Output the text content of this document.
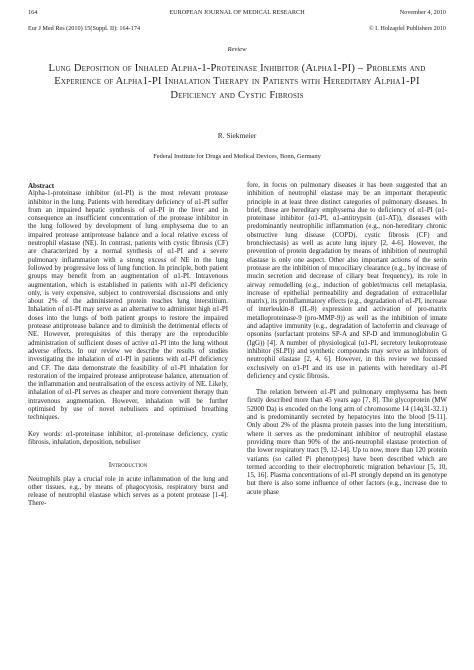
164	EUROPEAN JOURNAL OF MEDICAL RESEARCH	November 4, 2010
Eur J Med Res (2010) 15(Suppl. II): 164-174	© I. Holzapfel Publishers 2010
Review
Lung Deposition of Inhaled Alpha-1-Proteinase Inhibitor (Alpha1-PI) – Problems and Experience of Alpha1-PI Inhalation Therapy in Patients with Hereditary Alpha1-PI Deficiency and Cystic Fibrosis
R. Siekmeier
Federal Institute for Drugs and Medical Devices, Bonn, Germany

Abstract

Alpha-1-proteinase inhibitor (α1-PI) is the most relevant protease inhibitor in the lung. Patients with hereditary deficiency of α1-PI suffer from an impaired hepatic synthesis of α1-PI in the liver and in consequence an insufficient concentration of the protease inhibitor in the lung followed by development of lung emphysema due to an impaired protease antiprotease balance and a local relative excess of neutrophil elastase (NE). In contrast, patients with cystic fibrosis (CF) are characterized by a normal synthesis of α1-PI and a severe pulmonary inflammation with a strong excess of NE in the lung followed by progressive loss of lung function. In principle, both patient groups may benefit from an augmentation of α1-PI. Intravenous augmentation, which is established in patients with α1-PI deficiency only, is very expensive, subject to controversial discussions and only about 2% of the administered protein reaches lung interstitium. Inhalation of α1-PI may serve as an alternative to administer high α1-PI doses into the lungs of both patient groups to restore the impaired protease antiprotease balance and to diminish the detrimental effects of NE. However, prerequisites of this therapy are the reproducible administration of sufficient doses of active α1-PI into the lung without adverse effects. In our review we describe the results of studies investigating the inhalation of α1-PI in patients with α1-PI deficiency and CF. The data demonstrate the feasibility of α1-PI inhalation for restoration of the impaired protease antiprotease balance, attenuation of the inflammation and neutralisation of the excess activity of NE. Likely, inhalation of α1-PI serves as cheaper and more convenient therapy than intravenous augmentation. However, inhalation will be further optimised by use of novel nebulisers and optimised breathing techniques.

Key words: α1-proteinase inhibitor, α1-proteinase deficiency, cystic fibrosis, inhalation, deposition, nebuliser

Introduction

Neutrophils play a crucial role in acute inflammation of the lung and other tissues, e.g., by means of phagocytosis, respiratory burst and release of neutrophil elastase which serves as a potent protease [1-4]. There-

fore, in focus on pulmonary diseases it has been suggested that an inhibition of neutrophil elastase may be an important therapeutic principle in at least three distinct categories of pulmonary diseases. In brief, these are hereditary emphysema due to deficiency of α1-PI (α1-proteinase inhibitor (α1-PI, α1-antitrypsin (α1-AT)), diseases with predominantly neutrophilic inflammation (e.g., non-hereditary chronic obstructive lung disease (COPD), cystic fibrosis (CF) and bronchiectasis) as well as acute lung injury [2, 4-6]. However, the prevention of protein degradation by means of inhibition of neutrophil elastase is only one aspect. Other also important actions of the serin protease are the inhibition of mucociliary clearance (e.g., by increase of mucin secretion and decrease of ciliary beat frequency), its role in airway remodelling (e.g., induction of goblet/mucus cell metaplasia, increase of epithelial permeability and degradation of extracellular matrix), its proinflammatory effects (e.g., degradation of α1-PI, increase of interleukin-8 (IL-8) expression and activation of pro-matrix metalloproteinase-9 (pro-MMP-9)) as well as the inhibition of innate and adaptive immunity (e.g., degradation of lactoferrin and cleavage of opsonins (surfactant proteins SP-A and SP-D and immunoglobulin G (IgG)) [4]. A number of physiological (α1-PI, secretory leukoprotease inhibitor (SLPI)) and synthetic compounds may serve as inhibitors of neutrophil elastase [2, 4, 6]. However, in this review we focussed exclusively on α1-PI and its use in patients with hereditary α1-PI deficiency and cystic fibrosis.

The relation between α1-PI and pulmonary emphysema has been firstly described more than 45 years ago [7, 8]. The glycoprotein (MW 52000 Da) is encoded on the long arm of chromosome 14 (14q31-32.1) and is predominantly secreted by hepatocytes into the blood [9-11]. Only about 2% of the plasma protein passes into the lung interstitium, where it serves as the predominant inhibitor of neutrophil elastase providing more than 90% of the anti-neutrophil elastase protection of the lower respiratory tract [9, 12-14]. Up to now, more than 120 protein variants (so called Pi phenotypes) have been described which are termed according to their electrophoretic migration behaviour [5, 10, 15, 16]. Plasma concentrations of α1-PI strongly depend on its genotype but there is also some influence of other factors (e.g., increase due to acute phase
